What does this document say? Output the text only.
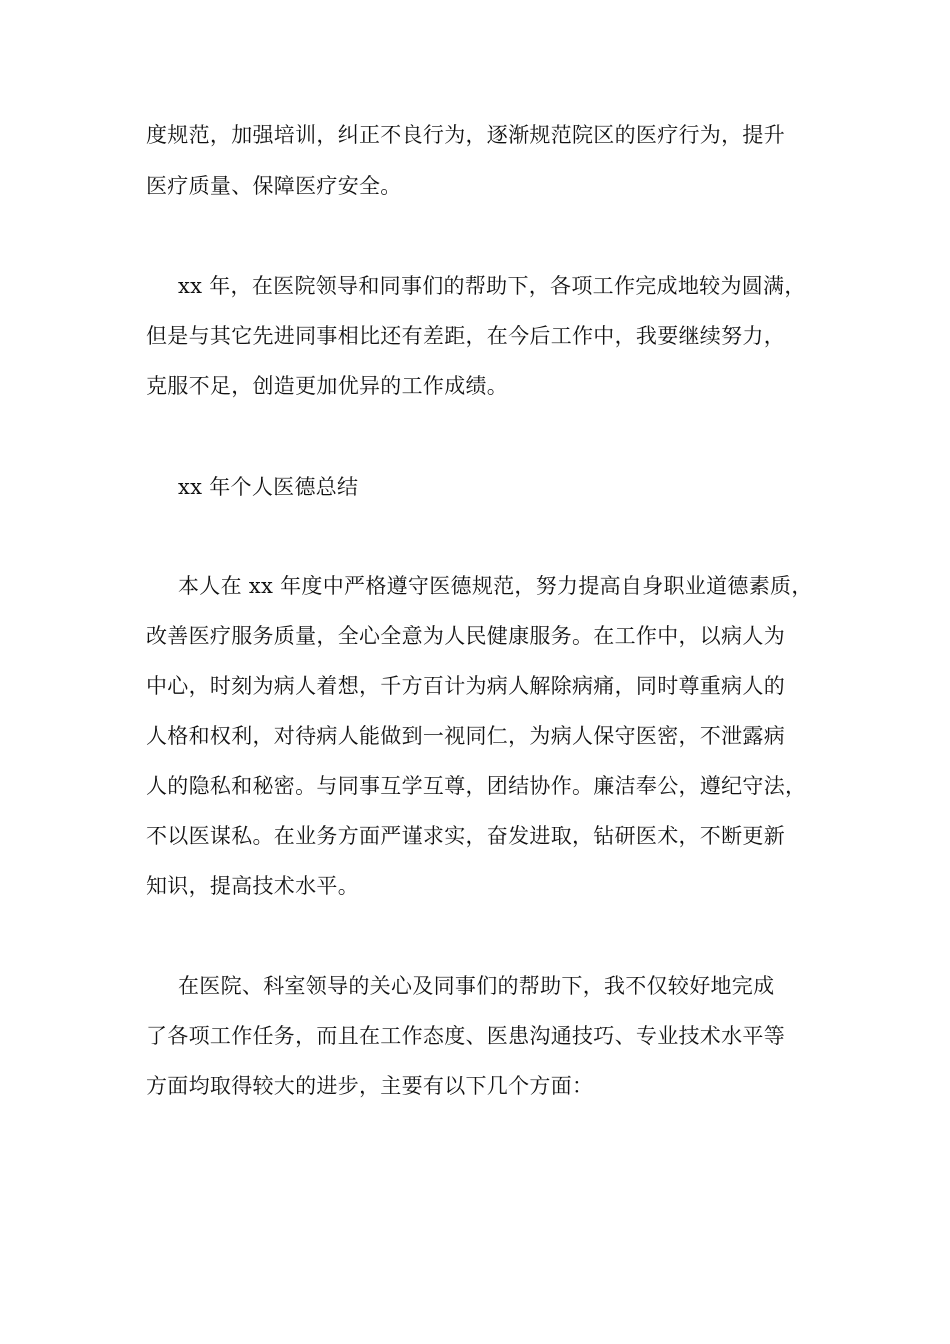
度规范，加强培训，纠正不良行为，逐渐规范院区的医疗行为，提升
医疗质量、保障医疗安全。
xx 年，在医院领导和同事们的帮助下，各项工作完成地较为圆满，
但是与其它先进同事相比还有差距，在今后工作中，我要继续努力，
克服不足，创造更加优异的工作成绩。
xx 年个人医德总结
本人在 xx 年度中严格遵守医德规范，努力提高自身职业道德素质，
改善医疗服务质量，全心全意为人民健康服务。在工作中，以病人为
中心，时刻为病人着想，千方百计为病人解除病痛，同时尊重病人的
人格和权利，对待病人能做到一视同仁，为病人保守医密，不泄露病
人的隐私和秘密。与同事互学互尊，团结协作。廉洁奉公，遵纪守法，
不以医谋私。在业务方面严谨求实，奋发进取，钻研医术，不断更新
知识，提高技术水平。
在医院、科室领导的关心及同事们的帮助下，我不仅较好地完成
了各项工作任务，而且在工作态度、医患沟通技巧、专业技术水平等
方面均取得较大的进步，主要有以下几个方面：
